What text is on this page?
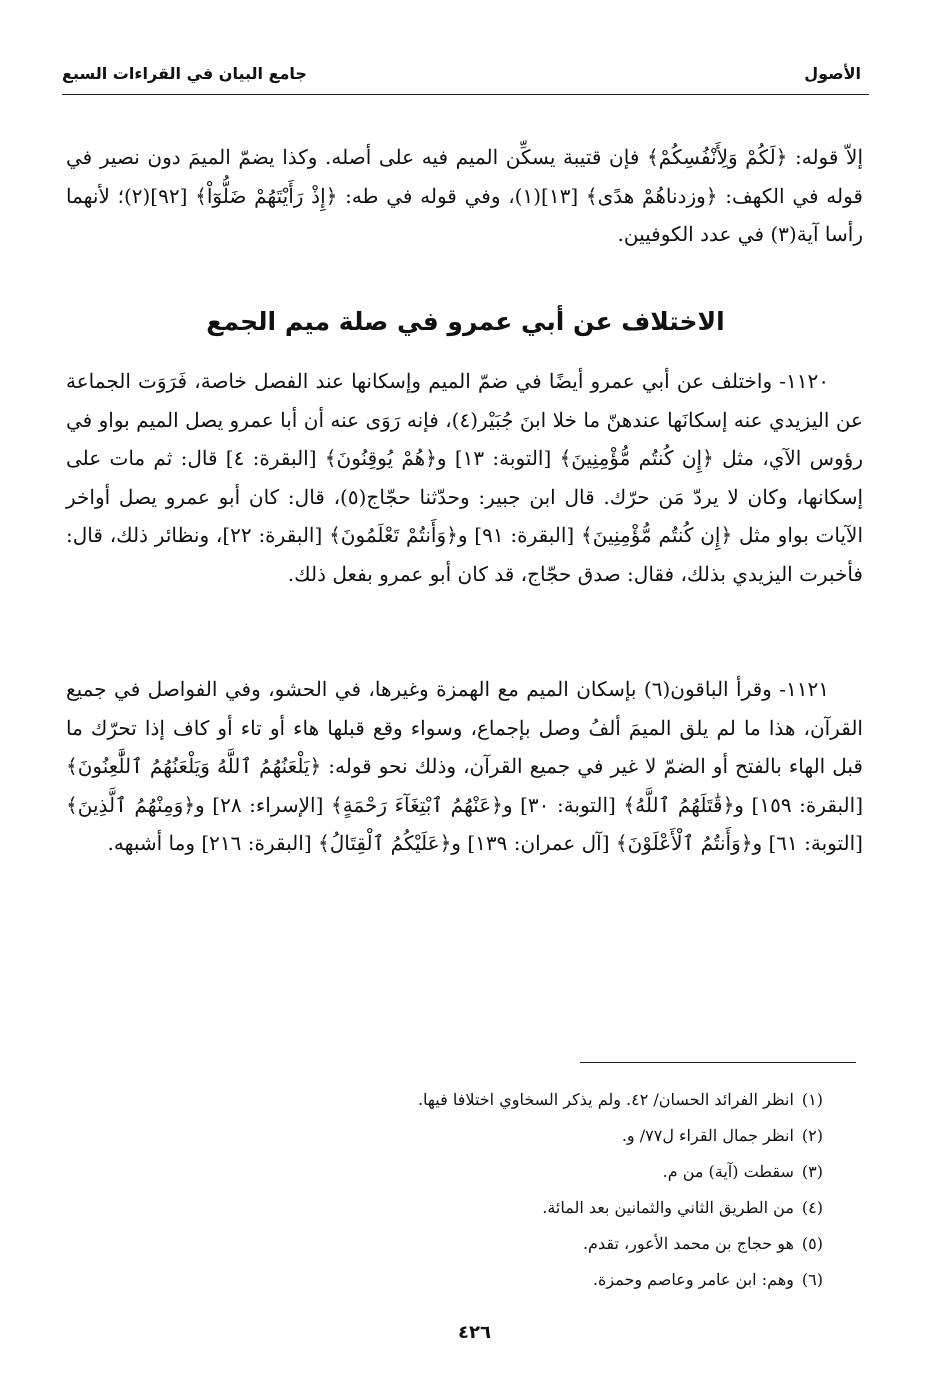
الأصول
جامع البيان في القراءات السبع

إلاّ قوله: ﴿لَكُمْ وَلِأَنْفُسِكُمْ﴾ فإن قتيبة يسكِّن الميم فيه على أصله. وكذا يضمّ الميمَ دون نصير في قوله في الكهف: ﴿وزدناهُمْ هدًى﴾ [١٣](١)، وفي قوله في طه: ﴿إِذْ رَأَيْتَهُمْ ضَلُّوٓاْ﴾ [٩٢](٢)؛ لأنهما رأسا آية(٣) في عدد الكوفيين.

الاختلاف عن أبي عمرو في صلة ميم الجمع

١١٢٠- واختلف عن أبي عمرو أيضًا في ضمّ الميم وإسكانها عند الفصل خاصة، فَرَوَت الجماعة عن اليزيدي عنه إسكانَها عندهنّ ما خلا ابنَ جُبَيْر(٤)، فإنه رَوَى عنه أن أبا عمرو يصل الميم بواو في رؤوس الآي، مثل ﴿إِن كُنتُم مُّؤْمِنِينَ﴾ [التوبة: ١٣] و﴿هُمْ يُوقِنُونَ﴾ [البقرة: ٤] قال: ثم مات على إسكانها، وكان لا يردّ مَن حرّك. قال ابن جبير: وحدّثنا حجّاج(٥)، قال: كان أبو عمرو يصل أواخر الآيات بواو مثل ﴿إِن كُنتُم مُّؤْمِنِينَ﴾ [البقرة: ٩١] و﴿وَأَنتُمْ تَعْلَمُونَ﴾ [البقرة: ٢٢]، ونظائر ذلك، قال: فأخبرت اليزيدي بذلك، فقال: صدق حجّاج، قد كان أبو عمرو بفعل ذلك.

١١٢١- وقرأ الباقون(٦) بإسكان الميم مع الهمزة وغيرها، في الحشو، وفي الفواصل في جميع القرآن، هذا ما لم يلق الميمَ ألفُ وصل بإجماع، وسواء وقع قبلها هاء أو تاء أو كاف إذا تحرّك ما قبل الهاء بالفتح أو الضمّ لا غير في جميع القرآن، وذلك نحو قوله: ﴿يَلْعَنُهُمُ ٱللَّهُ وَيَلْعَنُهُمُ ٱللَّٰعِنُونَ﴾ [البقرة: ١٥٩] و﴿قَٰتَلَهُمُ ٱللَّهُ﴾ [التوبة: ٣٠] و﴿عَنْهُمُ ٱبْتِغَآءَ رَحْمَةٍ﴾ [الإسراء: ٢٨] و﴿وَمِنْهُمُ ٱلَّذِينَ﴾ [التوبة: ٦١] و﴿وَأَنتُمُ ٱلْأَعْلَوْنَ﴾ [آل عمران: ١٣٩] و﴿عَلَيْكُمُ ٱلْقِتَالُ﴾ [البقرة: ٢١٦] وما أشبهه.

(١)انظر الفرائد الحسان/ ٤٢. ولم يذكر السخاوي اختلافا فيها.
(٢)انظر جمال القراء ل٧٧/ و.
(٣)سقطت (آية) من م.
(٤)من الطريق الثاني والثمانين بعد المائة.
(٥)هو حجاج بن محمد الأعور، تقدم.
(٦)وهم: ابن عامر وعاصم وحمزة.
٤٢٦
